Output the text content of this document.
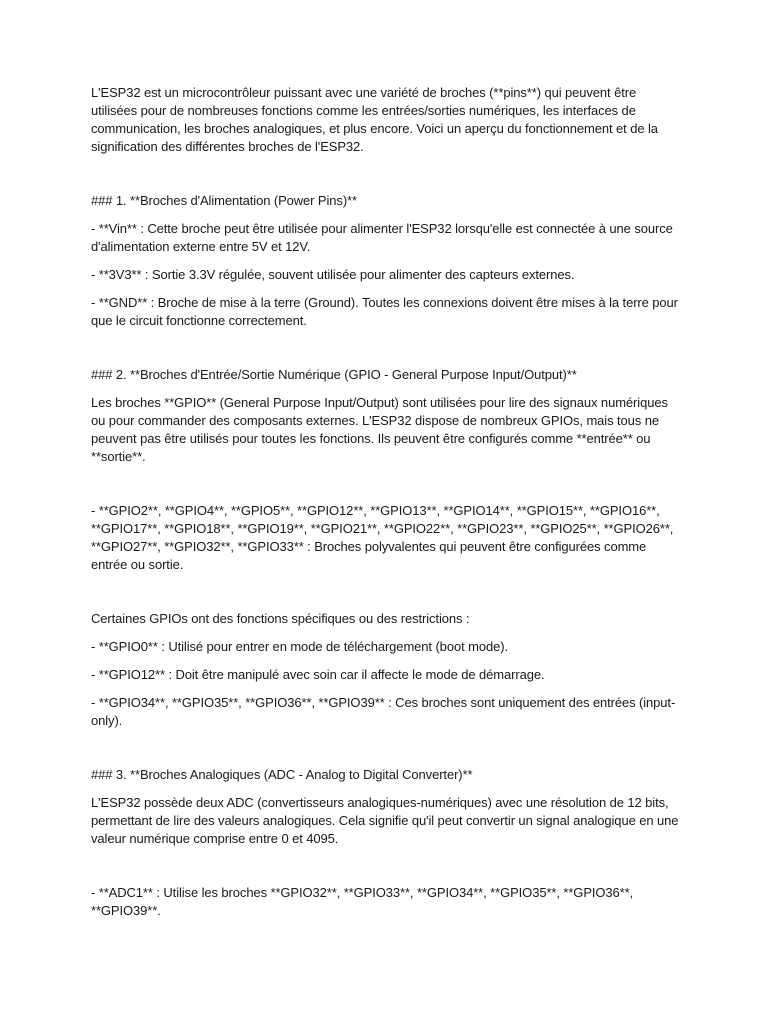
L'ESP32 est un microcontrôleur puissant avec une variété de broches (**pins**) qui peuvent être utilisées pour de nombreuses fonctions comme les entrées/sorties numériques, les interfaces de communication, les broches analogiques, et plus encore. Voici un aperçu du fonctionnement et de la signification des différentes broches de l'ESP32.

### 1. **Broches d'Alimentation (Power Pins)**

- **Vin** : Cette broche peut être utilisée pour alimenter l'ESP32 lorsqu'elle est connectée à une source d'alimentation externe entre 5V et 12V.

- **3V3** : Sortie 3.3V régulée, souvent utilisée pour alimenter des capteurs externes.

- **GND** : Broche de mise à la terre (Ground). Toutes les connexions doivent être mises à la terre pour que le circuit fonctionne correctement.

### 2. **Broches d'Entrée/Sortie Numérique (GPIO - General Purpose Input/Output)**

Les broches **GPIO** (General Purpose Input/Output) sont utilisées pour lire des signaux numériques ou pour commander des composants externes. L'ESP32 dispose de nombreux GPIOs, mais tous ne peuvent pas être utilisés pour toutes les fonctions. Ils peuvent être configurés comme **entrée** ou **sortie**.

- **GPIO2**, **GPIO4**, **GPIO5**, **GPIO12**, **GPIO13**, **GPIO14**, **GPIO15**, **GPIO16**, **GPIO17**, **GPIO18**, **GPIO19**, **GPIO21**, **GPIO22**, **GPIO23**, **GPIO25**, **GPIO26**, **GPIO27**, **GPIO32**, **GPIO33** : Broches polyvalentes qui peuvent être configurées comme entrée ou sortie.

Certaines GPIOs ont des fonctions spécifiques ou des restrictions :

- **GPIO0** : Utilisé pour entrer en mode de téléchargement (boot mode).

- **GPIO12** : Doit être manipulé avec soin car il affecte le mode de démarrage.

- **GPIO34**, **GPIO35**, **GPIO36**, **GPIO39** : Ces broches sont uniquement des entrées (input-only).

### 3. **Broches Analogiques (ADC - Analog to Digital Converter)**

L'ESP32 possède deux ADC (convertisseurs analogiques-numériques) avec une résolution de 12 bits, permettant de lire des valeurs analogiques. Cela signifie qu'il peut convertir un signal analogique en une valeur numérique comprise entre 0 et 4095.

- **ADC1** : Utilise les broches **GPIO32**, **GPIO33**, **GPIO34**, **GPIO35**, **GPIO36**, **GPIO39**.
